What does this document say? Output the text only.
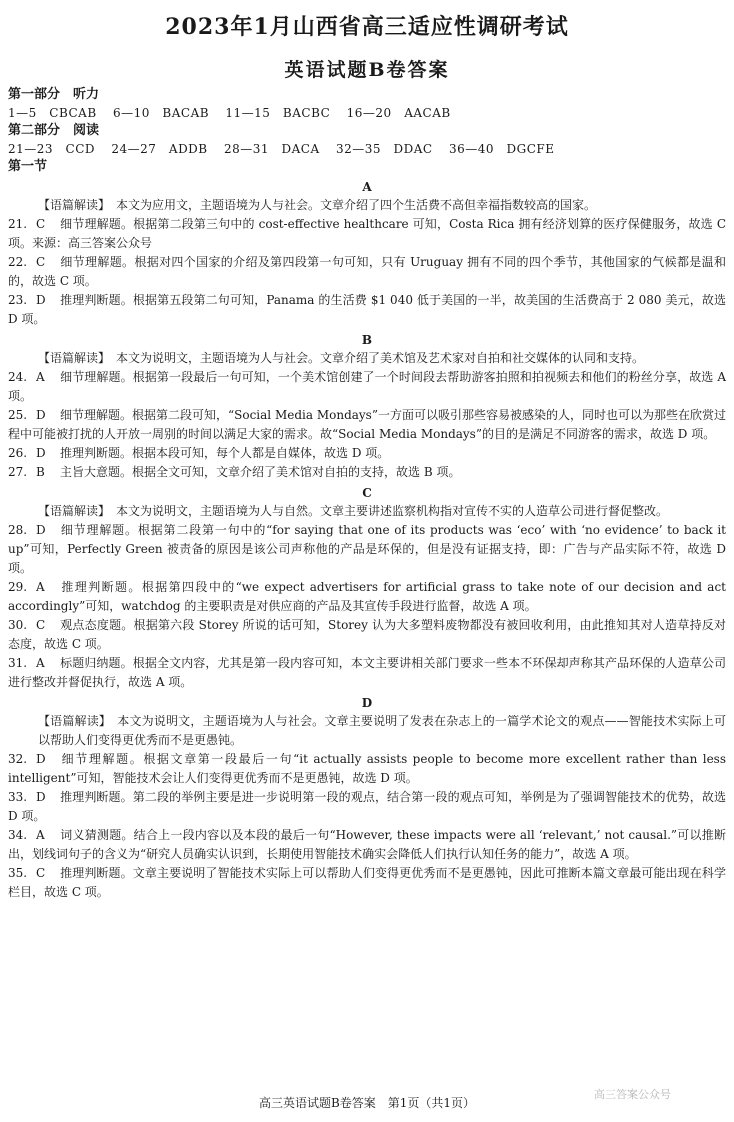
2023年1月山西省高三适应性调研考试
英语试题B卷答案
第一部分　听力
1—5　CBCAB 6—10　BACAB 11—15　BACBC 16—20　AACAB
第二部分　阅读
21—23　CCD 24—27　ADDB 28—31　DACA 32—35　DDAC 36—40　DGCFE
第一节
A
【语篇解读】　本文为应用文，主题语境为人与社会。文章介绍了四个生活费不高但幸福指数较高的国家。
21. C 细节理解题。根据第二段第三句中的 cost-effective healthcare 可知，Costa Rica 拥有经济划算的医疗保健服务，故选 C 项。来源：高三答案公众号
22. C 细节理解题。根据对四个国家的介绍及第四段第一句可知，只有 Uruguay 拥有不同的四个季节，其他国家的气候都是温和的，故选 C 项。
23. D 推理判断题。根据第五段第二句可知，Panama 的生活费 $1 040 低于美国的一半，故美国的生活费高于 2 080 美元，故选 D 项。
B
【语篇解读】　本文为说明文，主题语境为人与社会。文章介绍了美术馆及艺术家对自拍和社交媒体的认同和支持。
24. A 细节理解题。根据第一段最后一句可知，一个美术馆创建了一个时间段去帮助游客拍照和拍视频去和他们的粉丝分享，故选 A 项。
25. D 细节理解题。根据第二段可知，“Social Media Mondays”一方面可以吸引那些容易被感染的人，同时也可以为那些在欣赏过程中可能被打扰的人开放一周别的时间以满足大家的需求。故“Social Media Mondays”的目的是满足不同游客的需求，故选 D 项。
26. D 推理判断题。根据本段可知，每个人都是自媒体，故选 D 项。
27. B 主旨大意题。根据全文可知，文章介绍了美术馆对自拍的支持，故选 B 项。
C
【语篇解读】　本文为说明文，主题语境为人与自然。文章主要讲述监察机构指对宣传不实的人造草公司进行督促整改。
28. D 细节理解题。根据第二段第一句中的“for saying that one of its products was ‘eco’ with ‘no evidence’ to back it up”可知，Perfectly Green 被责备的原因是该公司声称他的产品是环保的，但是没有证据支持，即：广告与产品实际不符，故选 D 项。
29. A 推理判断题。根据第四段中的“we expect advertisers for artificial grass to take note of our decision and act accordingly”可知，watchdog 的主要职责是对供应商的产品及其宣传手段进行监督，故选 A 项。
30. C 观点态度题。根据第六段 Storey 所说的话可知，Storey 认为大多塑料废物都没有被回收利用，由此推知其对人造草持反对态度，故选 C 项。
31. A 标题归纳题。根据全文内容，尤其是第一段内容可知，本文主要讲相关部门要求一些本不环保却声称其产品环保的人造草公司进行整改并督促执行，故选 A 项。
D
【语篇解读】　本文为说明文，主题语境为人与社会。文章主要说明了发表在杂志上的一篇学术论文的观点——智能技术实际上可以帮助人们变得更优秀而不是更愚钝。
32. D 细节理解题。根据文章第一段最后一句“it actually assists people to become more excellent rather than less intelligent”可知，智能技术会让人们变得更优秀而不是更愚钝，故选 D 项。
33. D 推理判断题。第二段的举例主要是进一步说明第一段的观点，结合第一段的观点可知，举例是为了强调智能技术的优势，故选 D 项。
34. A 词义猜测题。结合上一段内容以及本段的最后一句“However, these impacts were all ‘relevant,’ not causal.”可以推断出，划线词句子的含义为“研究人员确实认识到，长期使用智能技术确实会降低人们执行认知任务的能力”，故选 A 项。
35. C 推理判断题。文章主要说明了智能技术实际上可以帮助人们变得更优秀而不是更愚钝，因此可推断本篇文章最可能出现在科学栏目，故选 C 项。
高三英语试题B卷答案　第1页（共1页）
高三答案公众号
